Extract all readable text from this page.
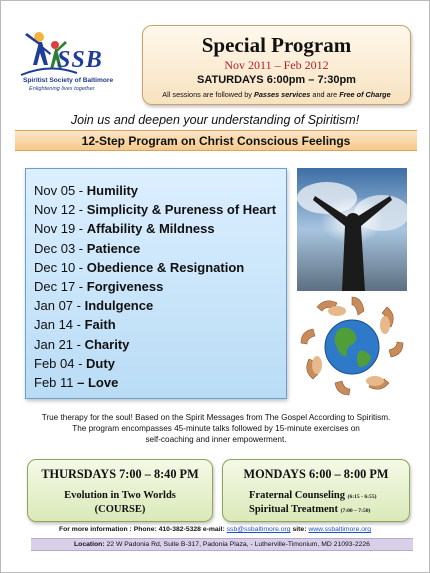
SSB
Spiritist Society of Baltimore
Enlightening lives together
Special Program
Nov 2011 – Feb 2012
SATURDAYS 6:00pm – 7:30pm
All sessions are followed by Passes services and are Free of Charge
Join us and deepen your understanding of Spiritism!
12-Step Program on Christ Conscious Feelings
Nov 05 - Humility
Nov 12 - Simplicity & Pureness of Heart
Nov 19 - Affability & Mildness
Dec 03 - Patience
Dec 10 - Obedience & Resignation
Dec 17 - Forgiveness
Jan 07 - Indulgence
Jan 14 - Faith
Jan 21 - Charity
Feb 04 - Duty
Feb 11 – Love
True therapy for the soul! Based on the Spirit Messages from The Gospel According to Spiritism.
The program encompasses 45-minute talks followed by 15-minute exercises on
self-coaching and inner empowerment.
THURSDAYS 7:00 – 8:40 PM
Evolution in Two Worlds
(COURSE)
MONDAYS 6:00 – 8:00 PM
Fraternal Counseling (6:15 - 6:55)
Spiritual Treatment (7:00 – 7:50)
For more information : Phone: 410-382-5328 e-mail: ssb@ssbaltimore.org site: www.ssbaltimore.org
Location: 22 W Padonia Rd, Suite B-317, Padonia Plaza, - Lutherville-Timonium, MD 21093-2226
